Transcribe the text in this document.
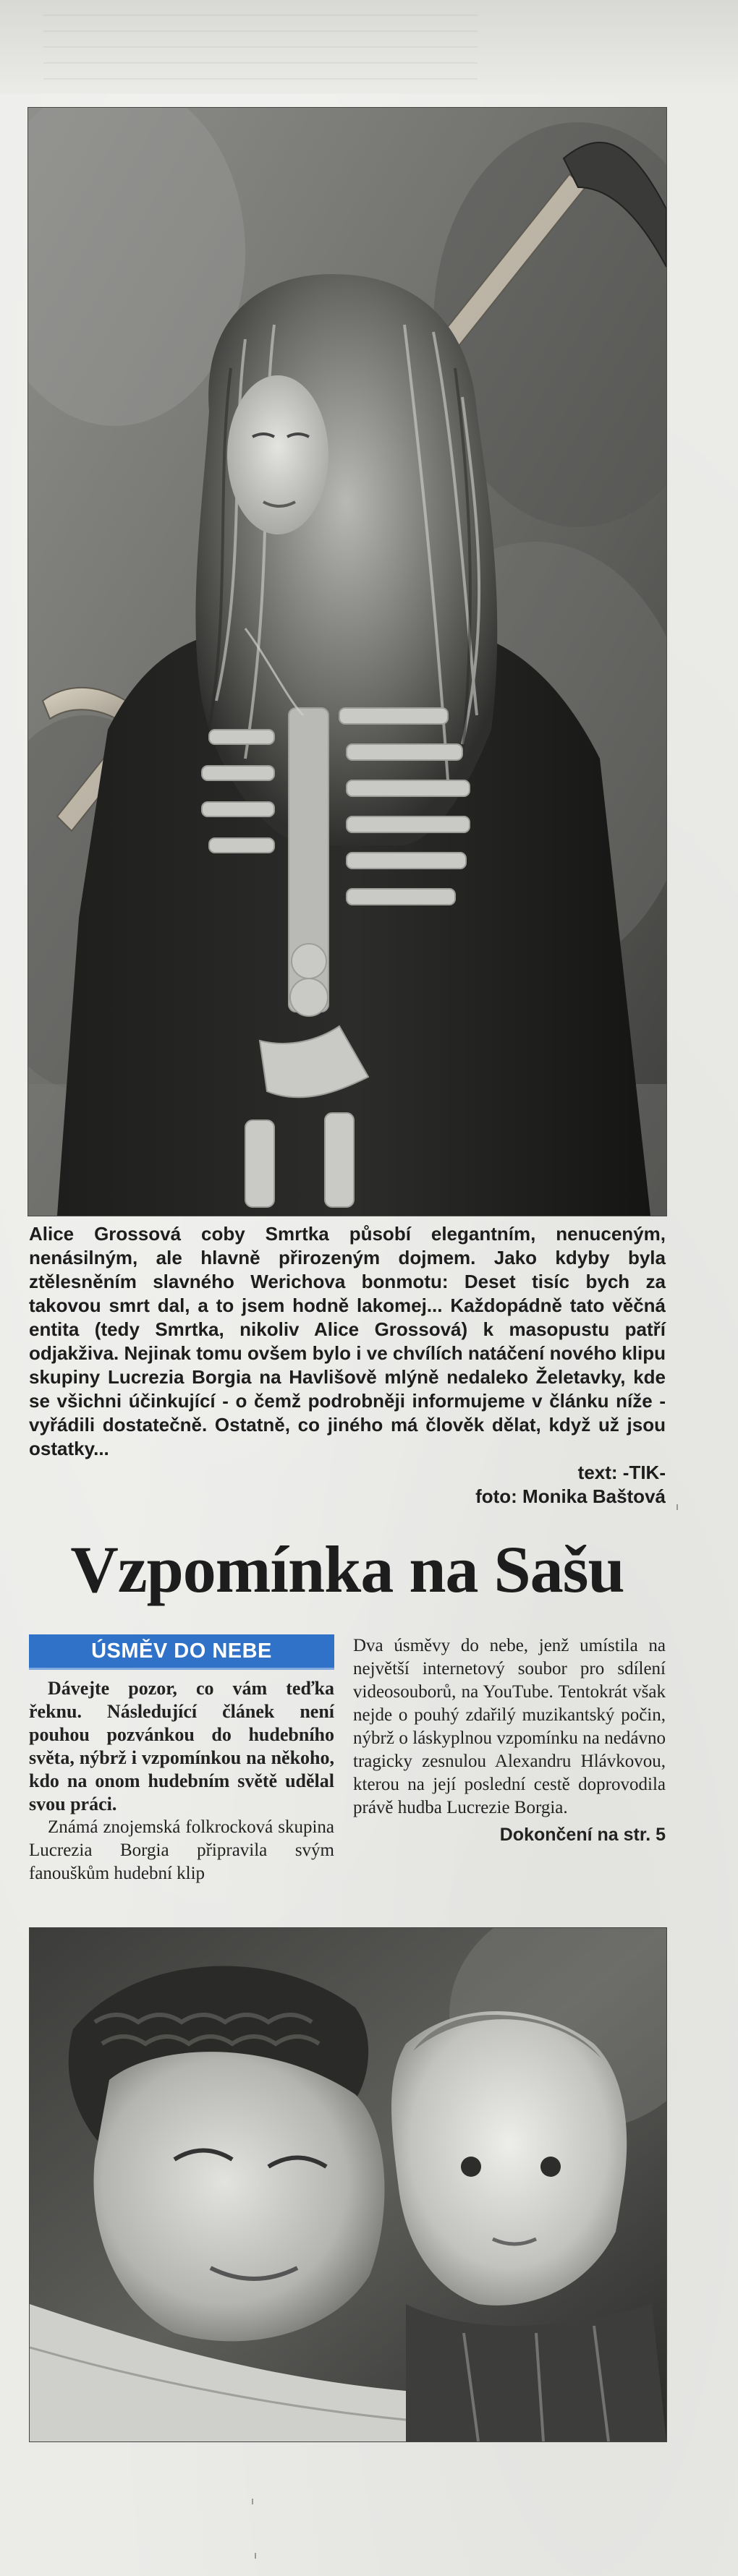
Alice Grossová coby Smrtka působí elegantním, nenuceným, nenásilným, ale hlavně přirozeným dojmem. Jako kdyby byla ztělesněním slavného Werichova bonmotu: Deset tisíc bych za takovou smrt dal, a to jsem hodně lakomej... Každopádně tato věčná entita (tedy Smrtka, nikoliv Alice Grossová) k masopustu patří odjakživa. Nejinak tomu ovšem bylo i ve chvílích natáčení nového klipu skupiny Lucrezia Borgia na Havlišově mlýně nedaleko Želetavky, kde se všichni účinkující - o čemž podrobněji informujeme v článku níže - vyřádili dostatečně. Ostatně, co jiného má člověk dělat, když už jsou ostatky...

text: -TIK-

foto: Monika Baštová

Vzpomínka na Sašu
ÚSMĚV DO NEBE

Dávejte pozor, co vám teďka řeknu. Následující článek není pouhou pozvánkou do hudebního světa, nýbrž i vzpomínkou na někoho, kdo na onom hudebním světě udělal svou práci.

Známá znojemská folkrocková skupina Lucrezia Borgia připravila svým fanouškům hudební klip

Dva úsměvy do nebe, jenž umístila na největší internetový soubor pro sdílení videosouborů, na YouTube. Tentokrát však nejde o pouhý zdařilý muzikantský počin, nýbrž o láskyplnou vzpomínku na nedávno tragicky zesnulou Alexandru Hlávkovou, kterou na její poslední cestě doprovodila právě hudba Lucrezie Borgia.

Dokončení na str. 5
